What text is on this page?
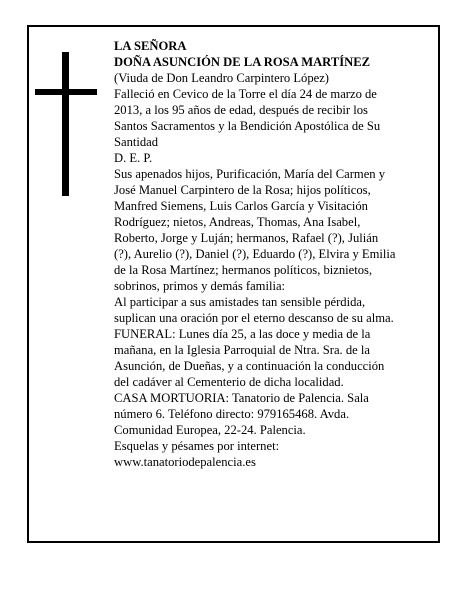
LA SEÑORA
DOÑA ASUNCIÓN DE LA ROSA MARTÍNEZ
(Viuda de Don Leandro Carpintero López)
Falleció en Cevico de la Torre el día 24 de marzo de
2013, a los 95 años de edad, después de recibir los
Santos Sacramentos y la Bendición Apostólica de Su
Santidad
D. E. P.
Sus apenados hijos, Purificación, María del Carmen y
José Manuel Carpintero de la Rosa; hijos políticos,
Manfred Siemens, Luis Carlos García y Visitación
Rodríguez; nietos, Andreas, Thomas, Ana Isabel,
Roberto, Jorge y Luján; hermanos, Rafael (?), Julián
(?), Aurelio (?), Daniel (?), Eduardo (?), Elvira y Emilia
de la Rosa Martínez; hermanos políticos, biznietos,
sobrinos, primos y demás familia:
Al participar a sus amistades tan sensible pérdida,
suplican una oración por el eterno descanso de su alma.
FUNERAL: Lunes día 25, a las doce y media de la
mañana, en la Iglesia Parroquial de Ntra. Sra. de la
Asunción, de Dueñas, y a continuación la conducción
del cadáver al Cementerio de dicha localidad.
CASA MORTUORIA: Tanatorio de Palencia. Sala
número 6. Teléfono directo: 979165468. Avda.
Comunidad Europea, 22-24. Palencia.
Esquelas y pésames por internet:
www.tanatoriodepalencia.es
